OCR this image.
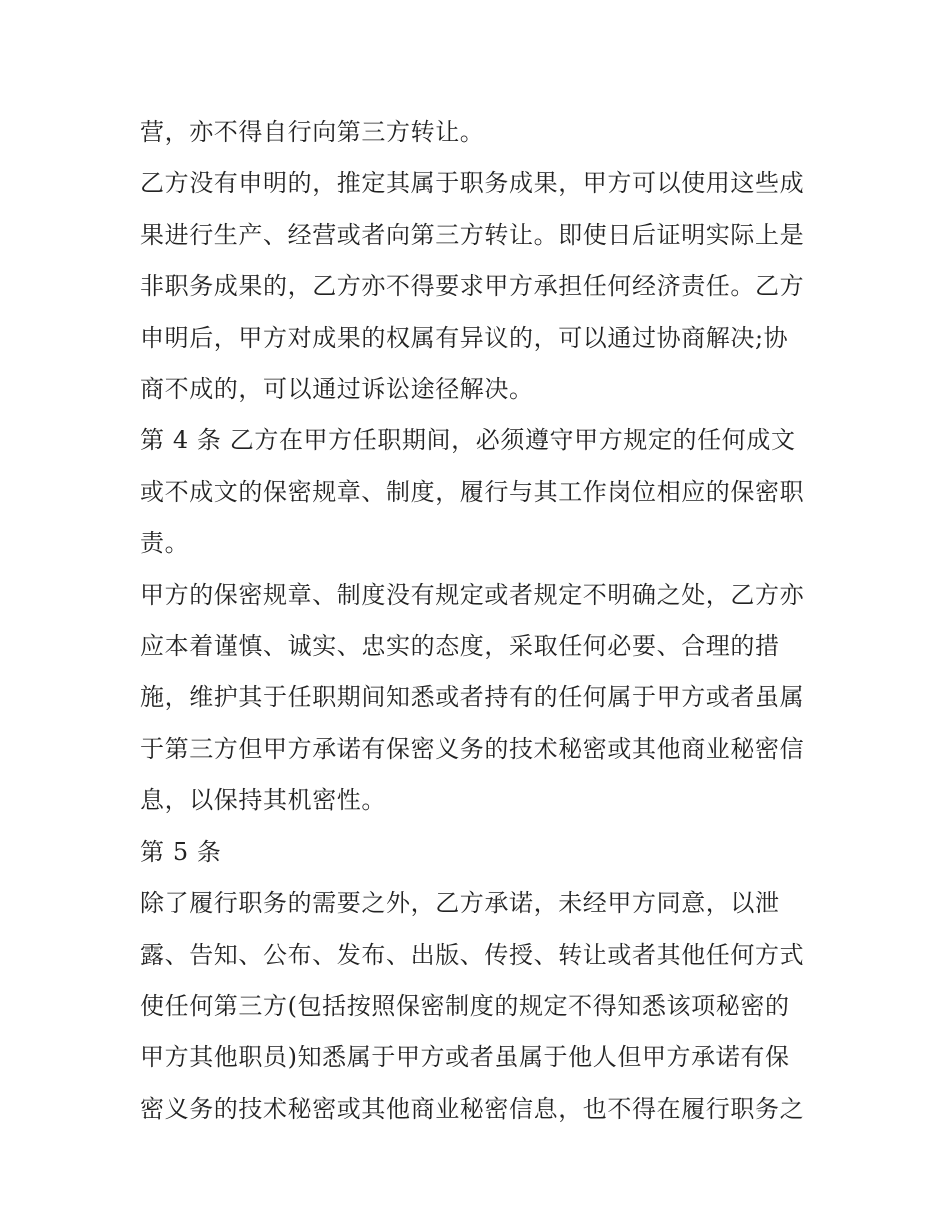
营，亦不得自行向第三方转让。
乙方没有申明的，推定其属于职务成果，甲方可以使用这些成
果进行生产、经营或者向第三方转让。即使日后证明实际上是
非职务成果的，乙方亦不得要求甲方承担任何经济责任。乙方
申明后，甲方对成果的权属有异议的，可以通过协商解决;协
商不成的，可以通过诉讼途径解决。
第 4 条 乙方在甲方任职期间，必须遵守甲方规定的任何成文
或不成文的保密规章、制度，履行与其工作岗位相应的保密职
责。
甲方的保密规章、制度没有规定或者规定不明确之处，乙方亦
应本着谨慎、诚实、忠实的态度，采取任何必要、合理的措
施，维护其于任职期间知悉或者持有的任何属于甲方或者虽属
于第三方但甲方承诺有保密义务的技术秘密或其他商业秘密信
息，以保持其机密性。
第 5 条
除了履行职务的需要之外，乙方承诺，未经甲方同意，以泄
露、告知、公布、发布、出版、传授、转让或者其他任何方式
使任何第三方(包括按照保密制度的规定不得知悉该项秘密的
甲方其他职员)知悉属于甲方或者虽属于他人但甲方承诺有保
密义务的技术秘密或其他商业秘密信息，也不得在履行职务之
